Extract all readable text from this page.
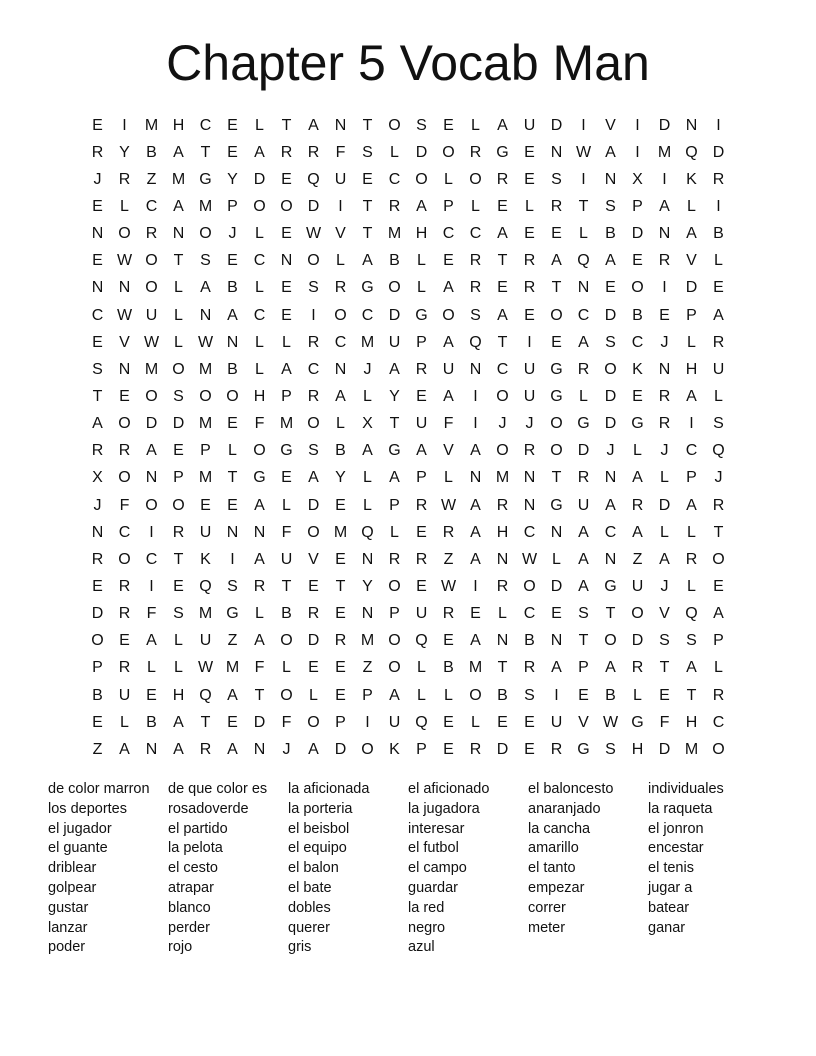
Chapter 5 Vocab Man
E	I	M H C E	L	T	A N	T O S	E	L	A U D	I	V	I	D N	I
R Y	B	A	T	E	A R R	F	S	L	D O R G E N W A	I	M Q D
J	R	Z M G Y D E Q U E C O	L	O R E	S	I	N X	I	K R
E	L	C A M P O O D	I	T	R A	P	L	E	L	R	T	S	P	A	L	I
N O R N O	J	L	E W V	T M H C C A	E	E	L	B D N A	B
E W O T	S	E C N O	L	A	B	L	E R	T	R A Q A	E R V	L
N N O	L	A	B	L	E	S R G O	L	A R E R	T	N E O	I	D E
C W U	L	N A C E	I	O C D G O S	A	E O C D B	E	P	A
E	V W L W N	L	L	R C M U P	A Q T	I	E	A	S C	J	L	R
S N M O M B	L	A C N	J	A R U N C U G R O K N H U
T	E O S O O H P R A	L	Y	E	A	I	O U G	L	D E R A	L
A O D D M E	F M O	L	X	T	U	F	I	J	J	O G D G R	I	S
R R A	E	P	L	O G S	B	A G A	V	A O R O D	J	L	J	C Q
X O N P M T G E	A	Y	L	A	P	L	N M N	T	R N A	L	P	J
J	F O O E	E	A	L	D E	L	P R W A R N G U A R D A R
N C	I	R U N N	F O M Q	L	E R A H C N A C A	L	L	T
R O C	T	K	I	A U V	E N R R	Z	A N W L	A N	Z	A R O
E R	I	E Q S R	T	E	T	Y O E W	I	R O D A G U	J	L	E
D R	F	S M G	L	B R E N P U R E	L	C E	S	T O V Q A
O E	A	L	U	Z	A O D R M O Q E	A N B N	T O D S	S	P
P R	L	L W M F	L	E	E	Z O	L	B M T	R A	P	A R	T	A	L
B U E H Q A	T O	L	E	P	A	L	L	O B	S	I	E	B	L	E	T	R
E	L	B	A	T	E D	F O P	I	U Q E	L	E	E U V W G F	H C
Z	A N A R A N	J	A D O K	P	E R D E R G S H D M O
de color marron
los deportes
el jugador
el guante
driblear
golpear
gustar
lanzar
poder
de que color es
rosadoverde
el partido
la pelota
el cesto
atrapar
blanco
perder
rojo
la aficionada
la porteria
el beisbol
el equipo
el balon
el bate
dobles
querer
gris
el aficionado
la jugadora
interesar
el futbol
el campo
guardar
la red
negro
azul
el baloncesto
anaranjado
la cancha
amarillo
el tanto
empezar
correr
meter
individuales
la raqueta
el jonron
encestar
el tenis
jugar a
batear
ganar
